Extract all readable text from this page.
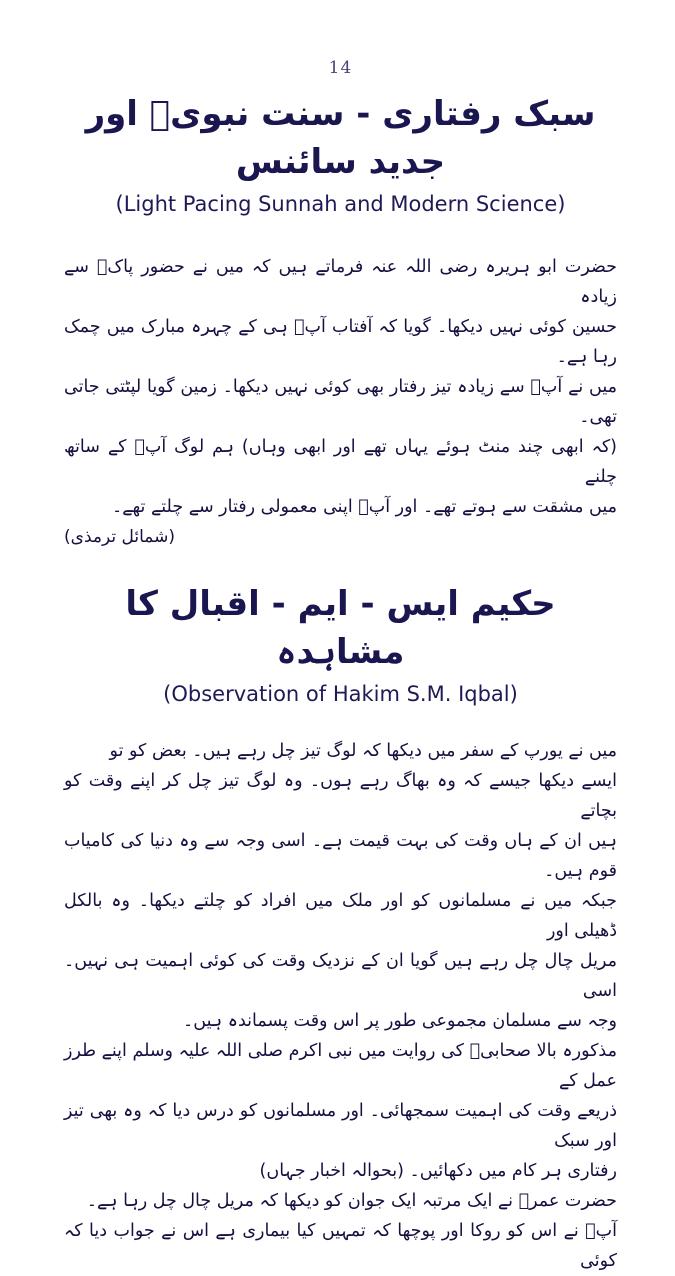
14
سبک رفتاری - سنت نبویؐ اور جدید سائنس
(Light Pacing Sunnah and Modern Science)

حضرت ابو ہریرہ رضی اللہ عنہ فرماتے ہیں کہ میں نے حضور پاکؐ سے زیادہ

حسین کوئی نہیں دیکھا۔ گویا کہ آفتاب آپؐ ہی کے چہرہ مبارک میں چمک رہا ہے۔

میں نے آپؐ سے زیادہ تیز رفتار بھی کوئی نہیں دیکھا۔ زمین گویا لپٹتی جاتی تھی۔

(کہ ابھی چند منٹ ہوئے یہاں تھے اور ابھی وہاں) ہم لوگ آپؐ کے ساتھ چلنے

میں مشقت سے ہوتے تھے۔ اور آپؐ اپنی معمولی رفتار سے چلتے تھے۔

(شمائل ترمذی)
حکیم ایس - ایم - اقبال کا مشاہدہ
(Observation of Hakim S.M. Iqbal)

میں نے یورپ کے سفر میں دیکھا کہ لوگ تیز چل رہے ہیں۔ بعض کو تو

ایسے دیکھا جیسے کہ وہ بھاگ رہے ہوں۔ وہ لوگ تیز چل کر اپنے وقت کو بچاتے

ہیں ان کے ہاں وقت کی بہت قیمت ہے۔ اسی وجہ سے وہ دنیا کی کامیاب قوم ہیں۔

جبکہ میں نے مسلمانوں کو اور ملک میں افراد کو چلتے دیکھا۔ وہ بالکل ڈھیلی اور

مریل چال چل رہے ہیں گویا ان کے نزدیک وقت کی کوئی اہمیت ہی نہیں۔ اسی

وجہ سے مسلمان مجموعی طور پر اس وقت پسماندہ ہیں۔

مذکورہ بالا صحابیؓ کی روایت میں نبی اکرم صلی اللہ علیہ وسلم اپنے طرز عمل کے

ذریعے وقت کی اہمیت سمجھائی۔ اور مسلمانوں کو درس دیا کہ وہ بھی تیز اور سبک

رفتاری ہر کام میں دکھائیں۔ (بحوالہ اخبار جہاں)

حضرت عمرؓ نے ایک مرتبہ ایک جوان کو دیکھا کہ مریل چال چل رہا ہے۔

آپؓ نے اس کو روکا اور پوچھا کہ تمہیں کیا بیماری ہے اس نے جواب دیا کہ کوئی
